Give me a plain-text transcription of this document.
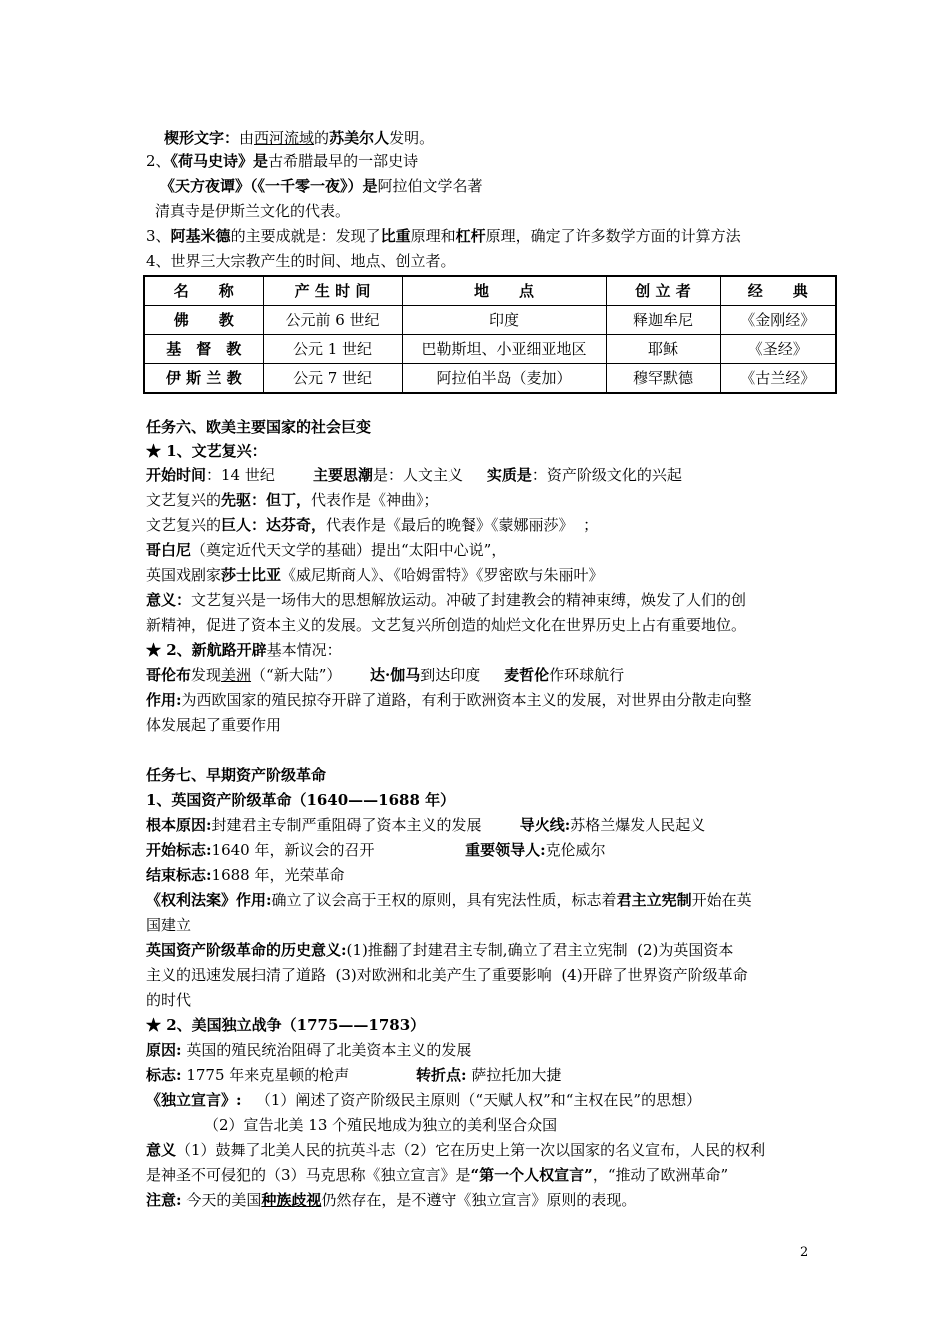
楔形文字：由西河流域的苏美尔人发明。
2、《荷马史诗》是古希腊最早的一部史诗
《天方夜谭》（《一千零一夜》）是阿拉伯文学名著
清真寺是伊斯兰文化的代表。
3、阿基米德的主要成就是：发现了比重原理和杠杆原理，确定了许多数学方面的计算方法
4、世界三大宗教产生的时间、地点、创立者。
任务六、欧美主要国家的社会巨变
★ 1、文艺复兴：
开始时间：14 世纪        主要思潮是：人文主义     实质是：资产阶级文化的兴起
文艺复兴的先驱：但丁，代表作是《神曲》；
文艺复兴的巨人：达芬奇，代表作是《最后的晚餐》《蒙娜丽莎》  ；
哥白尼（奠定近代天文学的基础）提出“太阳中心说”，
英国戏剧家莎士比亚《威尼斯商人》、《哈姆雷特》《罗密欧与朱丽叶》
意义：文艺复兴是一场伟大的思想解放运动。冲破了封建教会的精神束缚，焕发了人们的创
新精神，促进了资本主义的发展。文艺复兴所创造的灿烂文化在世界历史上占有重要地位。
★ 2、新航路开辟基本情况：
哥伦布发现美洲（“新大陆”）      达·伽马到达印度     麦哲伦作环球航行
作用:为西欧国家的殖民掠夺开辟了道路，有利于欧洲资本主义的发展，对世界由分散走向整
体发展起了重要作用
任务七、早期资产阶级革命
1、英国资产阶级革命（1640——1688 年）
根本原因:封建君主专制严重阻碍了资本主义的发展        导火线:苏格兰爆发人民起义
开始标志:1640 年，新议会的召开                   重要领导人:克伦威尔
结束标志:1688 年，光荣革命
《权利法案》作用:确立了议会高于王权的原则，具有宪法性质，标志着君主立宪制开始在英
国建立
英国资产阶级革命的历史意义:(1)推翻了封建君主专制,确立了君主立宪制  (2)为英国资本
主义的迅速发展扫清了道路  (3)对欧洲和北美产生了重要影响  (4)开辟了世界资产阶级革命
的时代
★ 2、美国独立战争（1775——1783）
原因: 英国的殖民统治阻碍了北美资本主义的发展
标志: 1775 年来克星顿的枪声              转折点: 萨拉托加大捷
《独立宣言》:   （1）阐述了资产阶级民主原则（“天赋人权”和“主权在民”的思想）
（2）宣告北美 13 个殖民地成为独立的美利坚合众国
意义（1）鼓舞了北美人民的抗英斗志（2）它在历史上第一次以国家的名义宣布，人民的权利
是神圣不可侵犯的（3）马克思称《独立宣言》是“第一个人权宣言”，“推动了欧洲革命”
注意: 今天的美国种族歧视仍然存在，是不遵守《独立宣言》原则的表现。
名　　称	产 生 时 间	地　　点	创 立 者	经　　典
佛　　教	公元前 6 世纪	印度	释迦牟尼	《金刚经》
基　督　教	公元 1 世纪	巴勒斯坦、小亚细亚地区	耶稣	《圣经》
伊 斯 兰 教	公元 7 世纪	阿拉伯半岛（麦加）	穆罕默德	《古兰经》
2
